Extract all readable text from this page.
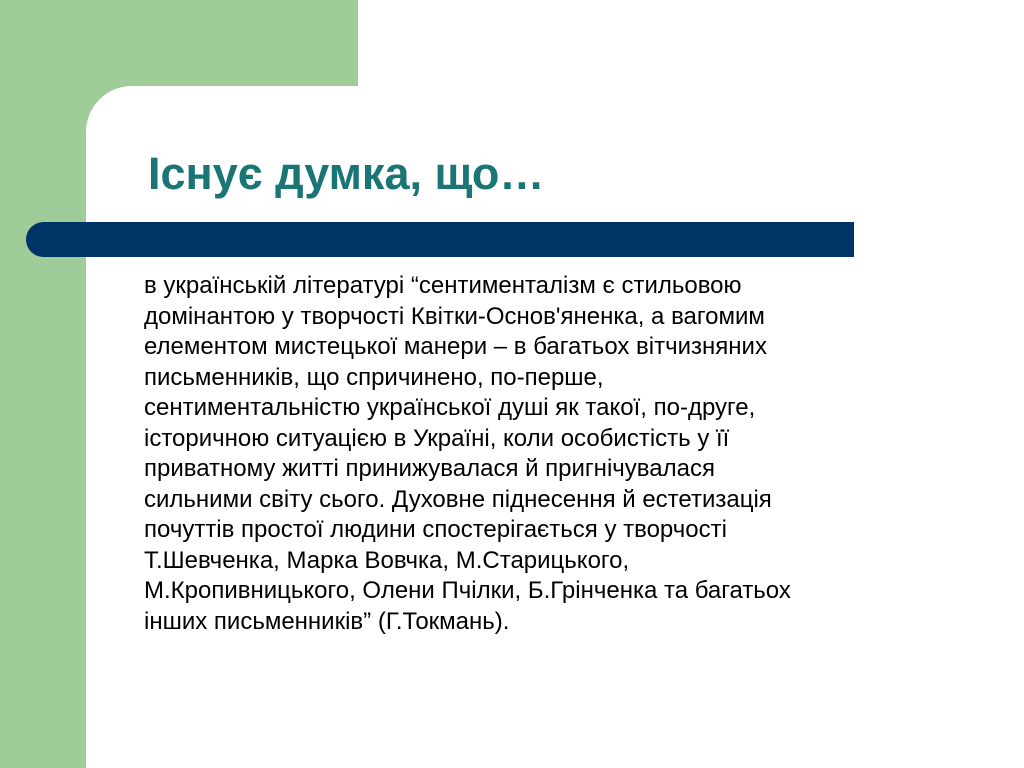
Існує думка, що…

в українській літературі “сентименталізм є стильовою
домінантою у творчості Квітки-Основ'яненка, а вагомим
елементом мистецької манери – в багатьох вітчизняних
письменників, що спричинено, по-перше,
сентиментальністю української душі як такої, по-друге,
історичною ситуацією в Україні, коли особистість у її
приватному житті принижувалася й пригнічувалася
сильними світу сього. Духовне піднесення й естетизація
почуттів простої людини спостерігається у творчості
Т.Шевченка, Марка Вовчка, М.Старицького,
М.Кропивницького, Олени Пчілки, Б.Грінченка та багатьох
інших письменників” (Г.Токмань).
